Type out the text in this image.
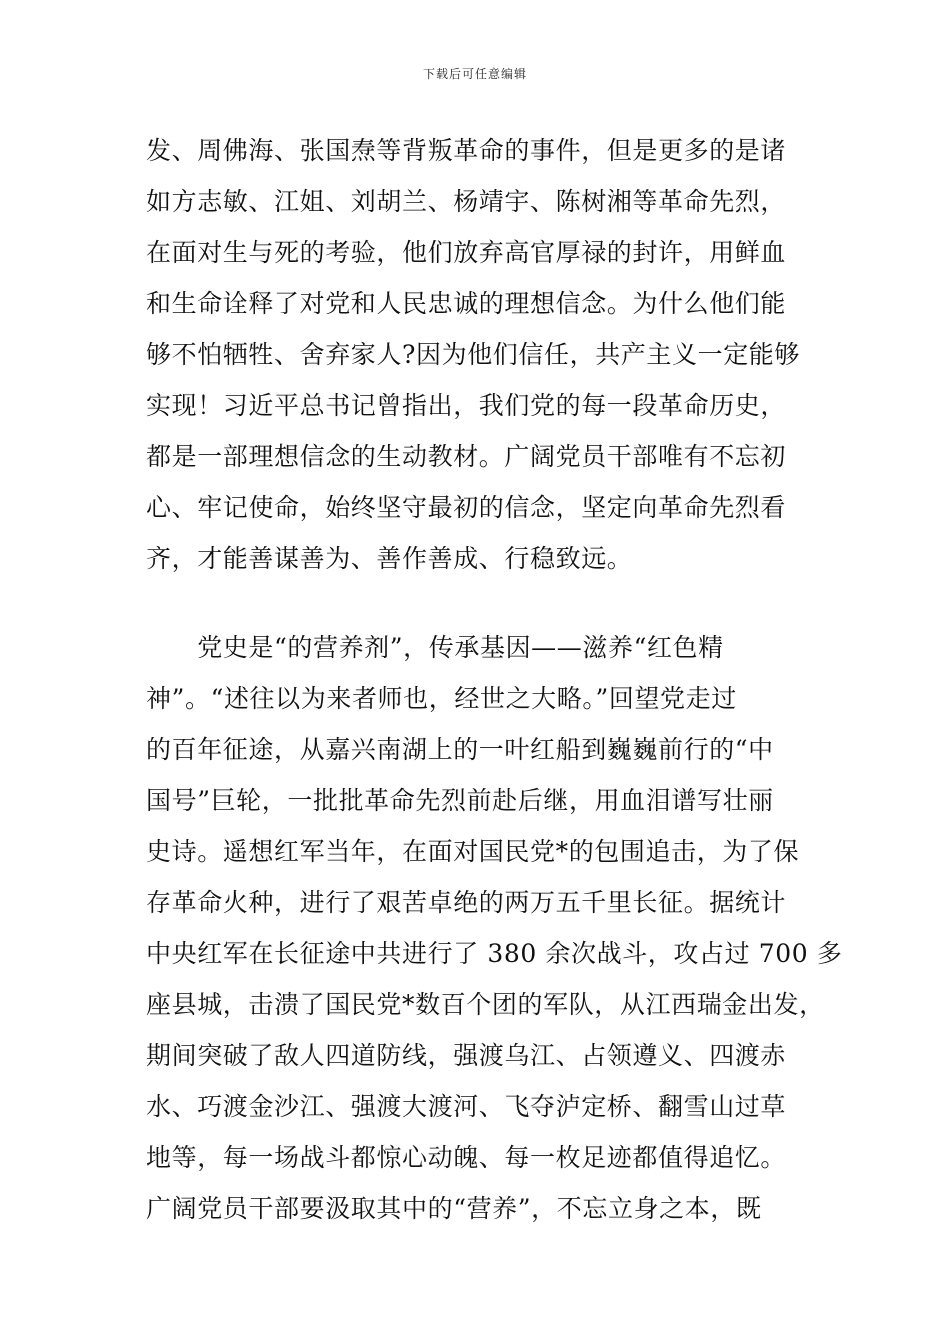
下载后可任意编辑
发、周佛海、张国焘等背叛革命的事件，但是更多的是诸
如方志敏、江姐、刘胡兰、杨靖宇、陈树湘等革命先烈，
在面对生与死的考验，他们放弃高官厚禄的封许，用鲜血
和生命诠释了对党和人民忠诚的理想信念。为什么他们能
够不怕牺牲、舍弃家人?因为他们信任，共产主义一定能够
实现！习近平总书记曾指出，我们党的每一段革命历史，
都是一部理想信念的生动教材。广阔党员干部唯有不忘初
心、牢记使命，始终坚守最初的信念，坚定向革命先烈看
齐，才能善谋善为、善作善成、行稳致远。
　　党史是“的营养剂”，传承基因——滋养“红色精
神”。“述往以为来者师也，经世之大略。”回望党走过
的百年征途，从嘉兴南湖上的一叶红船到巍巍前行的“中
国号”巨轮，一批批革命先烈前赴后继，用血泪谱写壮丽
史诗。遥想红军当年，在面对国民党*的包围追击，为了保
存革命火种，进行了艰苦卓绝的两万五千里长征。据统计
中央红军在长征途中共进行了 380 余次战斗，攻占过 700 多
座县城，击溃了国民党*数百个团的军队，从江西瑞金出发，
期间突破了敌人四道防线，强渡乌江、占领遵义、四渡赤
水、巧渡金沙江、强渡大渡河、飞夺泸定桥、翻雪山过草
地等，每一场战斗都惊心动魄、每一枚足迹都值得追忆。
广阔党员干部要汲取其中的“营养”，不忘立身之本，既
